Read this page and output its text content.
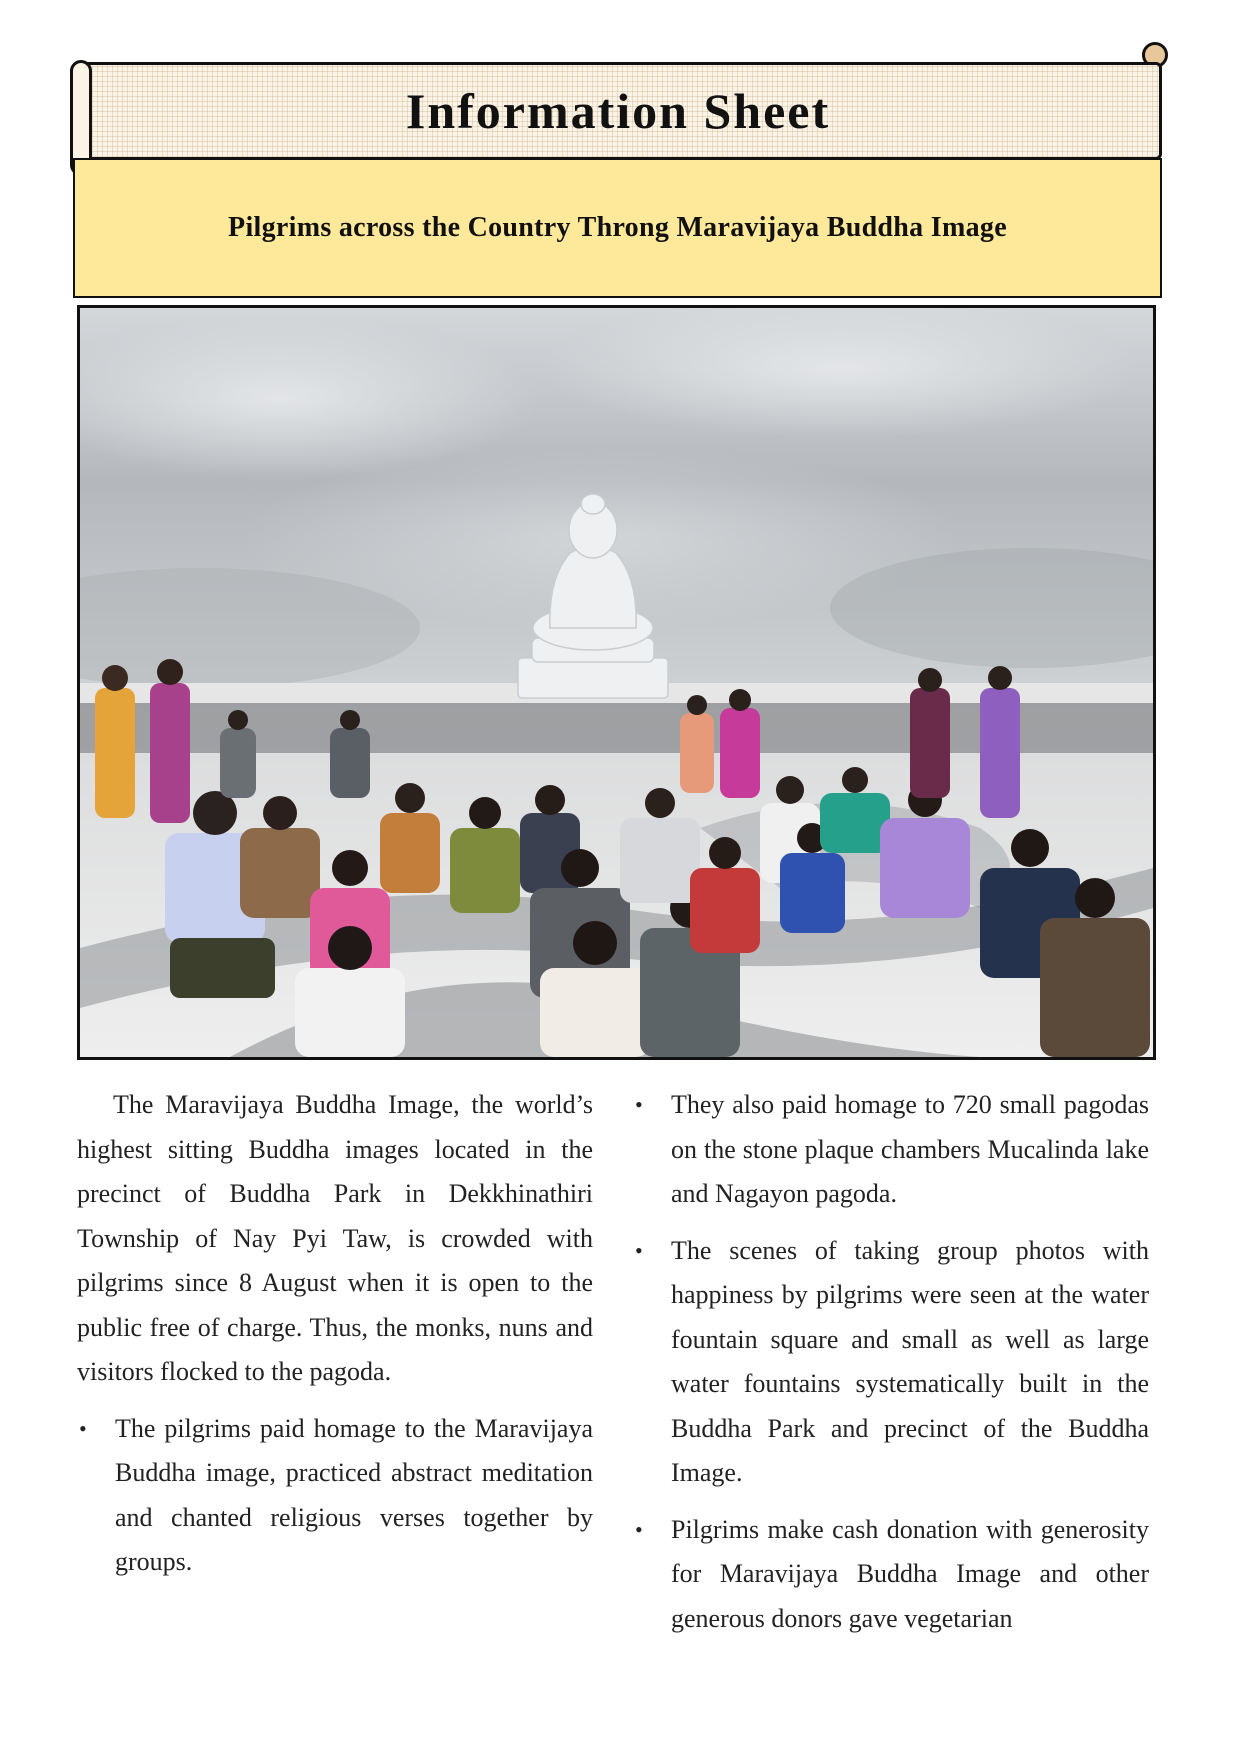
Information Sheet
Pilgrims across the Country Throng Maravijaya Buddha Image

The Maravijaya Buddha Image, the world’s highest sitting Buddha images located in the precinct of Buddha Park in Dekkhinathiri Township of Nay Pyi Taw, is crowded with pilgrims since 8 August when it is open to the public free of charge. Thus, the monks, nuns and visitors flocked to the pagoda.

• The pilgrims paid homage to the Maravijaya Buddha image, practiced abstract meditation and chanted religious verses together by groups.
• They also paid homage to 720 small pagodas on the stone plaque chambers Mucalinda lake and Nagayon pagoda.
• The scenes of taking group photos with happiness by pilgrims were seen at the water fountain square and small as well as large water fountains systematically built in the Buddha Park and precinct of the Buddha Image.
• Pilgrims make cash donation with generosity for Maravijaya Buddha Image and other generous donors gave vegetarian
